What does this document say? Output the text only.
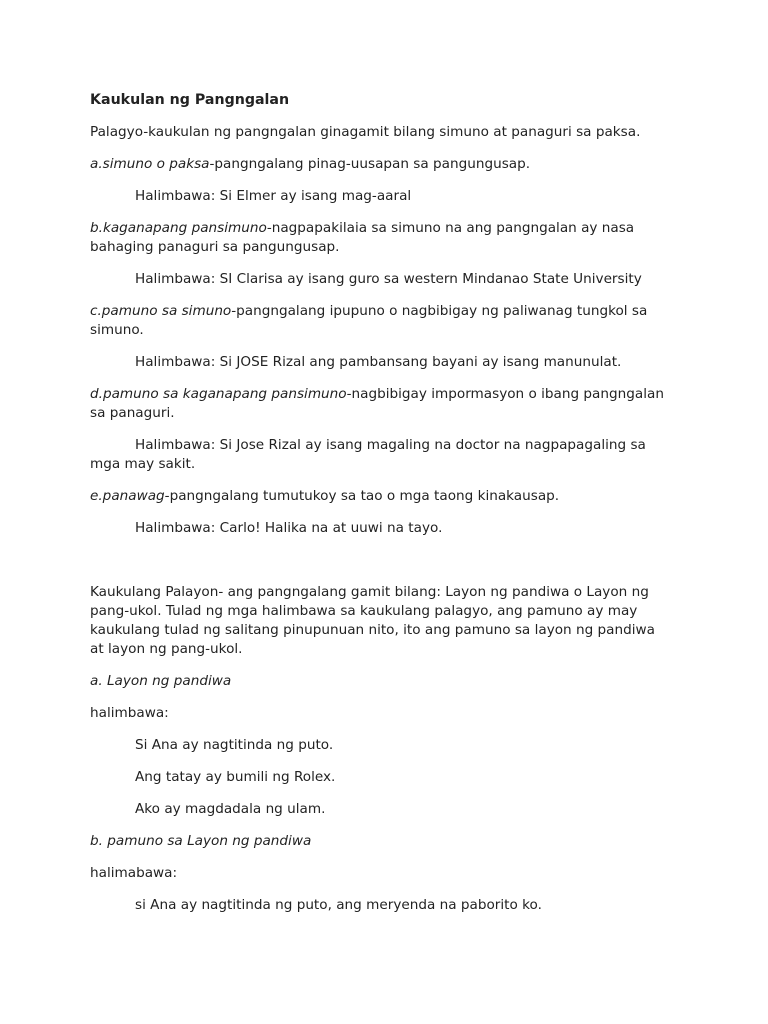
Kaukulan ng Pangngalan
Palagyo-kaukulan ng pangngalan ginagamit bilang simuno at panaguri sa paksa.
a.simuno o paksa-pangngalang pinag-uusapan sa pangungusap.
Halimbawa: Si Elmer ay isang mag-aaral
b.kaganapang pansimuno-nagpapakilaia sa simuno na ang pangngalan ay nasa
bahaging panaguri sa pangungusap.
Halimbawa: SI Clarisa ay isang guro sa western Mindanao State University
c.pamuno sa simuno-pangngalang ipupuno o nagbibigay ng paliwanag tungkol sa
simuno.
Halimbawa: Si JOSE Rizal ang pambansang bayani ay isang manunulat.
d.pamuno sa kaganapang pansimuno-nagbibigay impormasyon o ibang pangngalan
sa panaguri.
Halimbawa: Si Jose Rizal ay isang magaling na doctor na nagpapagaling sa
mga may sakit.
e.panawag-pangngalang tumutukoy sa tao o mga taong kinakausap.
Halimbawa: Carlo! Halika na at uuwi na tayo.
Kaukulang Palayon- ang pangngalang gamit bilang: Layon ng pandiwa o Layon ng
pang-ukol. Tulad ng mga halimbawa sa kaukulang palagyo, ang pamuno ay may
kaukulang tulad ng salitang pinupunuan nito, ito ang pamuno sa layon ng pandiwa
at layon ng pang-ukol.
a. Layon ng pandiwa
halimbawa:
Si Ana ay nagtitinda ng puto.
Ang tatay ay bumili ng Rolex.
Ako ay magdadala ng ulam.
b. pamuno sa Layon ng pandiwa
halimabawa:
si Ana ay nagtitinda ng puto, ang meryenda na paborito ko.
